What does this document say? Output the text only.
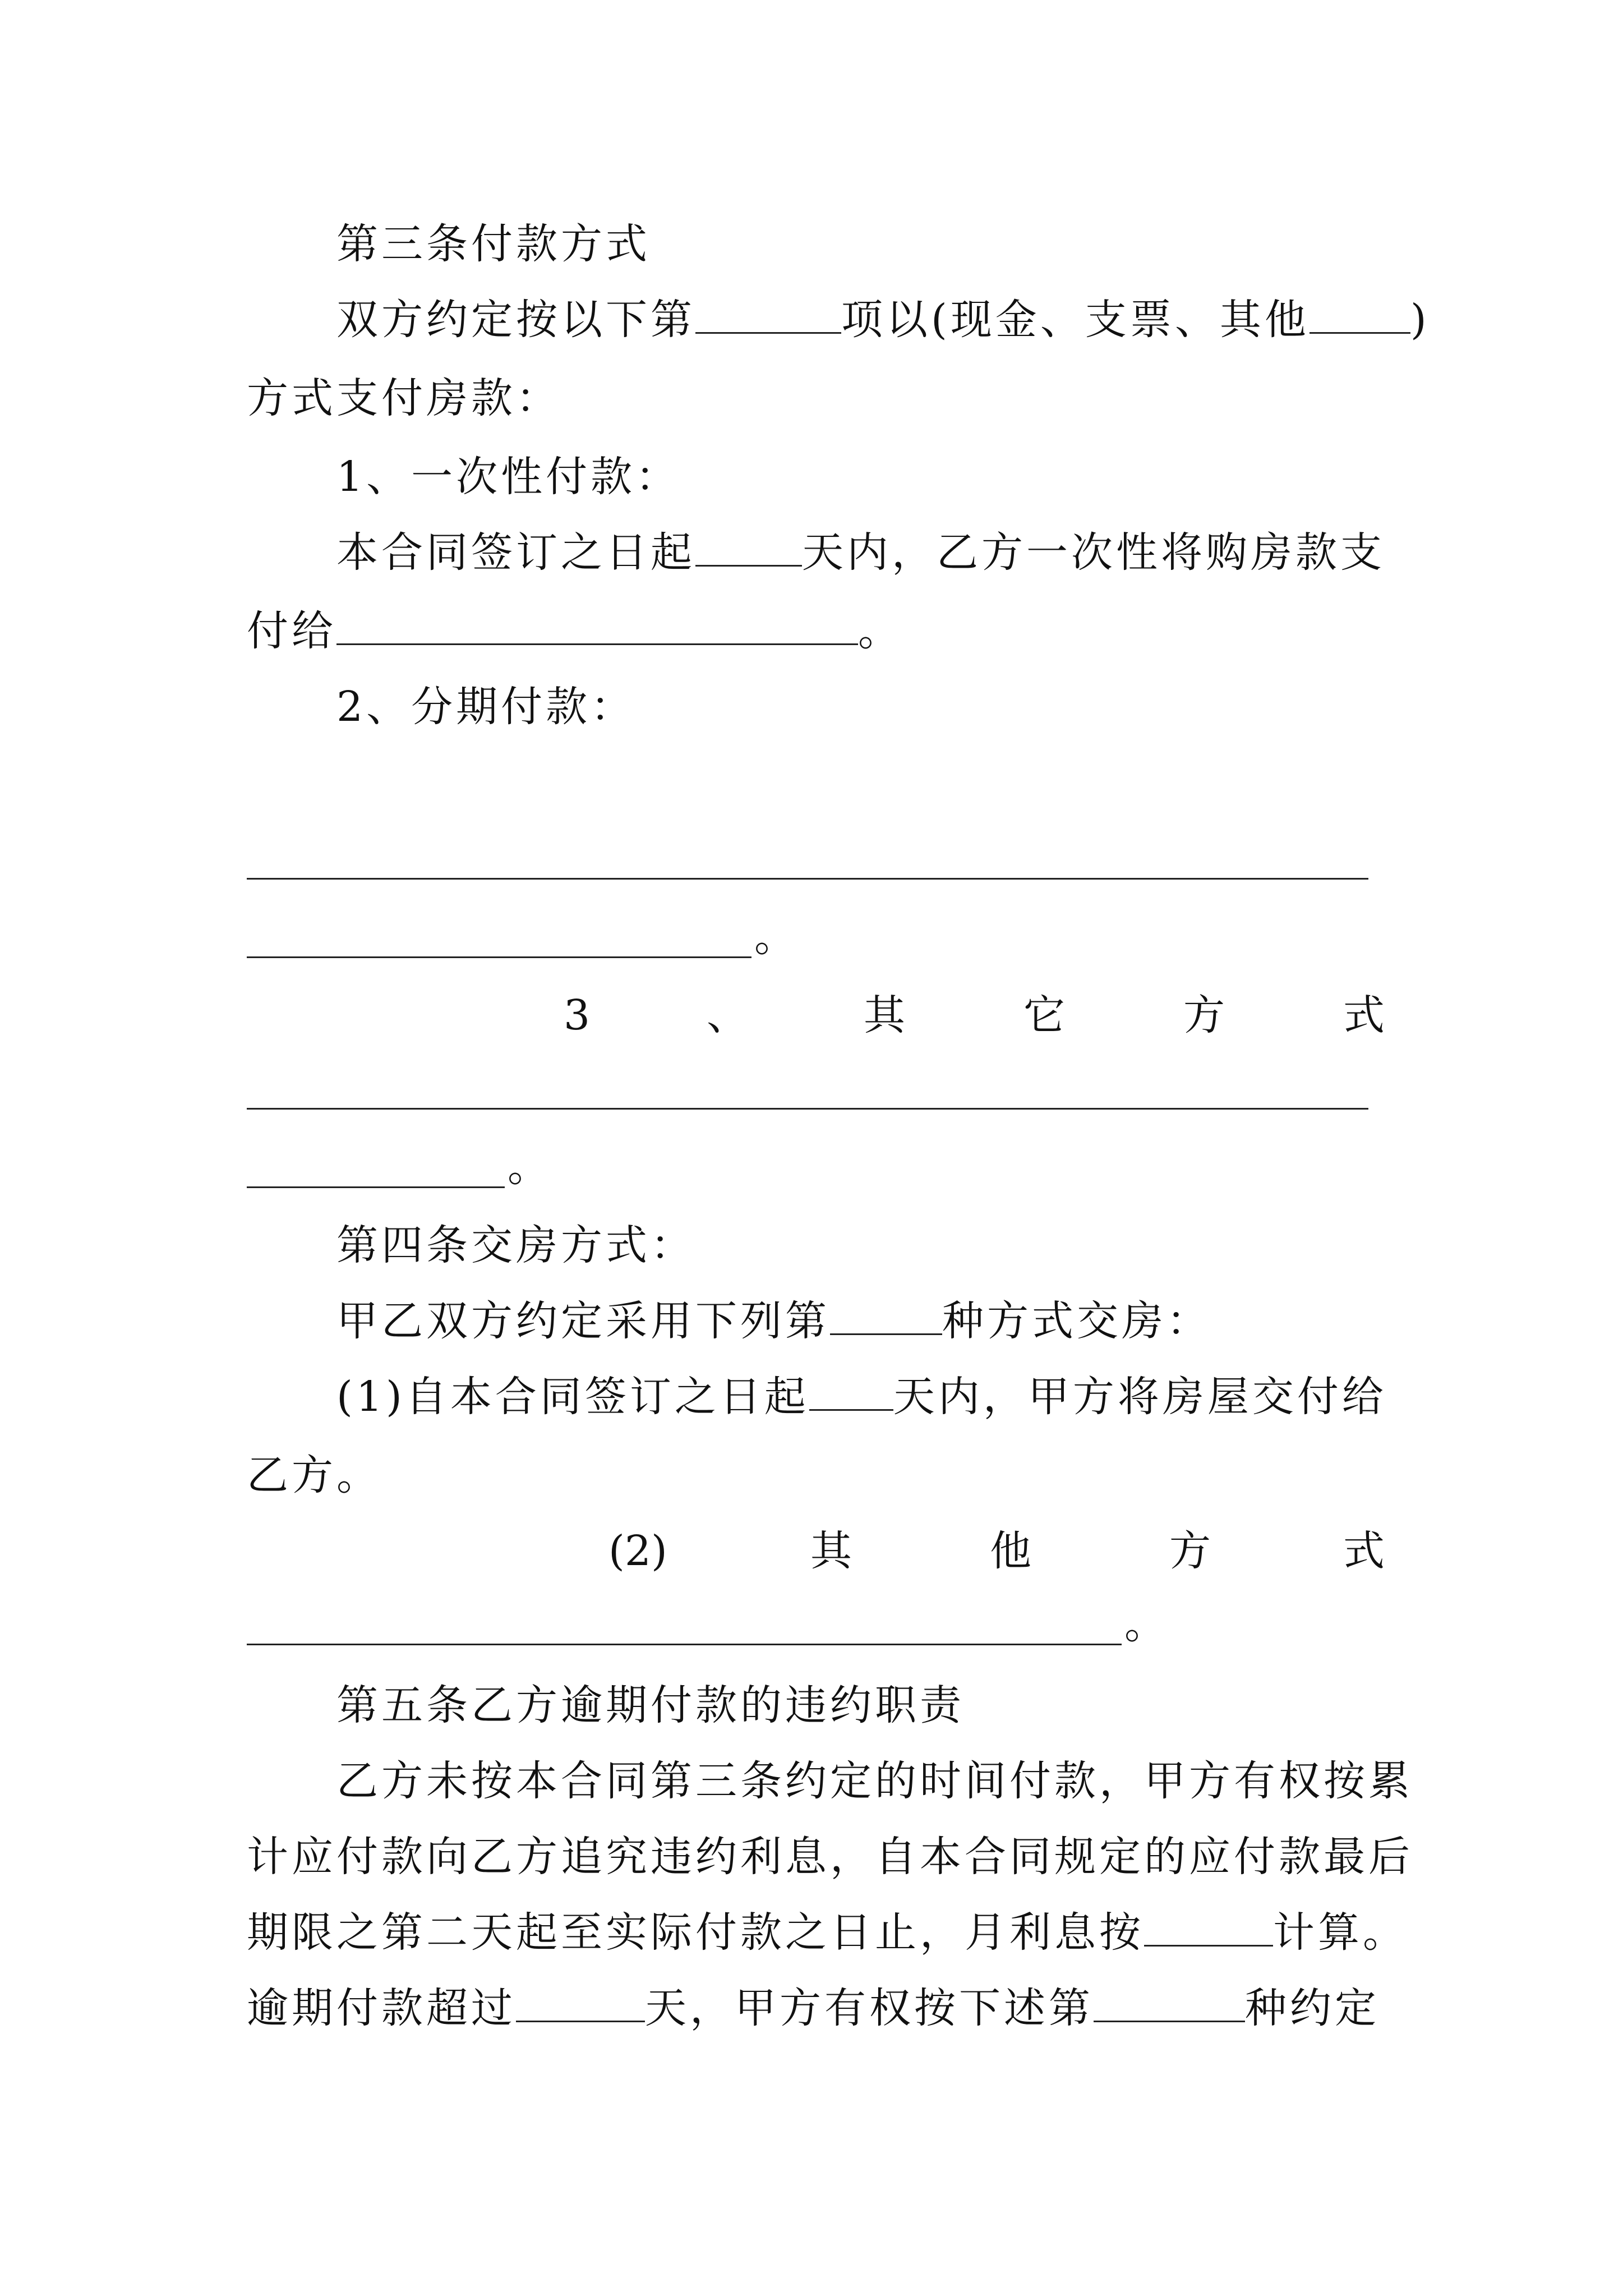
第三条付款方式
双方约定按以下第	项以(现金、支票、其他 )
方式支付房款：
1、一次性付款：
本合同签订之日起	天内，乙方一次性将购房款支
付给	。
2、分期付款：
。
3	、	其	它	方	式
。
第四条交房方式：
甲乙双方约定采用下列第	种方式交房：
(1)自本合同签订之日起 天内，甲方将房屋交付给
乙方。
(2)	其	他	方	式
。
第五条乙方逾期付款的违约职责
乙方未按本合同第三条约定的时间付款，甲方有权按累
计应付款向乙方追究违约利息，自本合同规定的应付款最后
期限之第二天起至实际付款之日止，月利息按	计算。
逾期付款超过	天，甲方有权按下述第	种约定
